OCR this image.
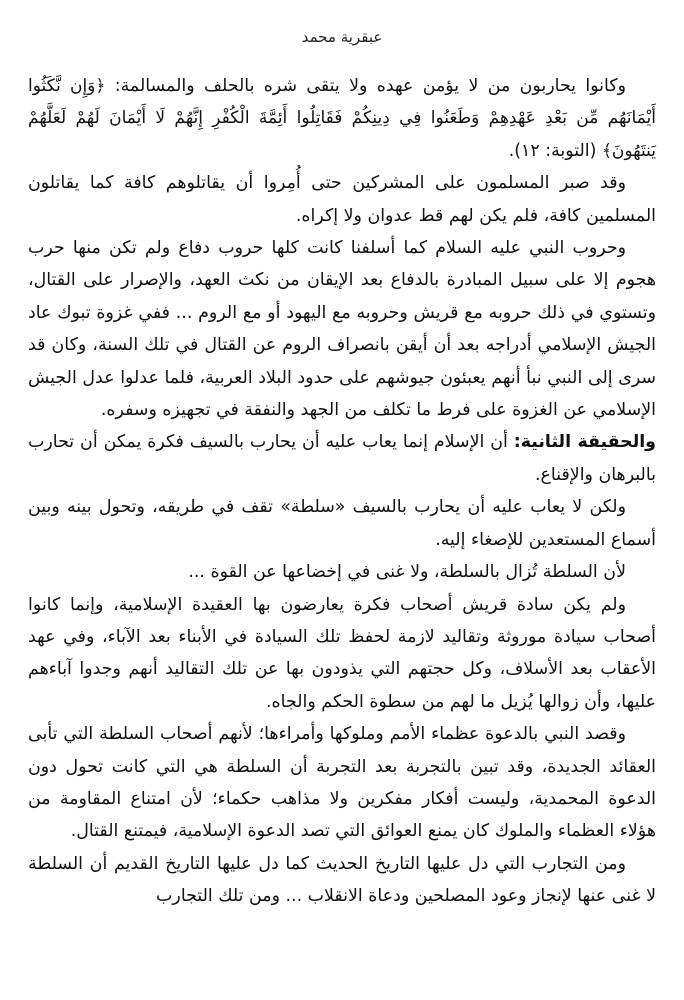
عبقرية محمد

وكانوا يحاربون من لا يؤمن عهده ولا يتقى شره بالحلف والمسالمة: ﴿وَإِن نَّكَثُوا أَيْمَانَهُم مِّن بَعْدِ عَهْدِهِمْ وَطَعَنُوا فِي دِينِكُمْ فَقَاتِلُوا أَئِمَّةَ الْكُفْرِ إِنَّهُمْ لَا أَيْمَانَ لَهُمْ لَعَلَّهُمْ يَنتَهُونَ﴾ (التوبة: ١٢).

وقد صبر المسلمون على المشركين حتى أُمِروا أن يقاتلوهم كافة كما يقاتلون المسلمين كافة، فلم يكن لهم قط عدوان ولا إكراه.

وحروب النبي عليه السلام كما أسلفنا كانت كلها حروب دفاع ولم تكن منها حرب هجوم إلا على سبيل المبادرة بالدفاع بعد الإيقان من نكث العهد، والإصرار على القتال، وتستوي في ذلك حروبه مع قريش وحروبه مع اليهود أو مع الروم ... ففي غزوة تبوك عاد الجيش الإسلامي أدراجه بعد أن أيقن بانصراف الروم عن القتال في تلك السنة، وكان قد سرى إلى النبي نبأ أنهم يعبئون جيوشهم على حدود البلاد العربية، فلما عدلوا عدل الجيش الإسلامي عن الغزوة على فرط ما تكلف من الجهد والنفقة في تجهيزه وسفره.

والحقيقة الثانية: أن الإسلام إنما يعاب عليه أن يحارب بالسيف فكرة يمكن أن تحارب بالبرهان والإقناع.

ولكن لا يعاب عليه أن يحارب بالسيف «سلطة» تقف في طريقه، وتحول بينه وبين أسماع المستعدين للإصغاء إليه.

لأن السلطة تُزال بالسلطة، ولا غنى في إخضاعها عن القوة ...

ولم يكن سادة قريش أصحاب فكرة يعارضون بها العقيدة الإسلامية، وإنما كانوا أصحاب سيادة موروثة وتقاليد لازمة لحفظ تلك السيادة في الأبناء بعد الآباء، وفي عهد الأعقاب بعد الأسلاف، وكل حجتهم التي يذودون بها عن تلك التقاليد أنهم وجدوا آباءهم عليها، وأن زوالها يُزيل ما لهم من سطوة الحكم والجاه.

وقصد النبي بالدعوة عظماء الأمم وملوكها وأمراءها؛ لأنهم أصحاب السلطة التي تأبى العقائد الجديدة، وقد تبين بالتجربة بعد التجربة أن السلطة هي التي كانت تحول دون الدعوة المحمدية، وليست أفكار مفكرين ولا مذاهب حكماء؛ لأن امتناع المقاومة من هؤلاء العظماء والملوك كان يمنع العوائق التي تصد الدعوة الإسلامية، فيمتنع القتال.

ومن التجارب التي دل عليها التاريخ الحديث كما دل عليها التاريخ القديم أن السلطة لا غنى عنها لإنجاز وعود المصلحين ودعاة الانقلاب ... ومن تلك التجارب
